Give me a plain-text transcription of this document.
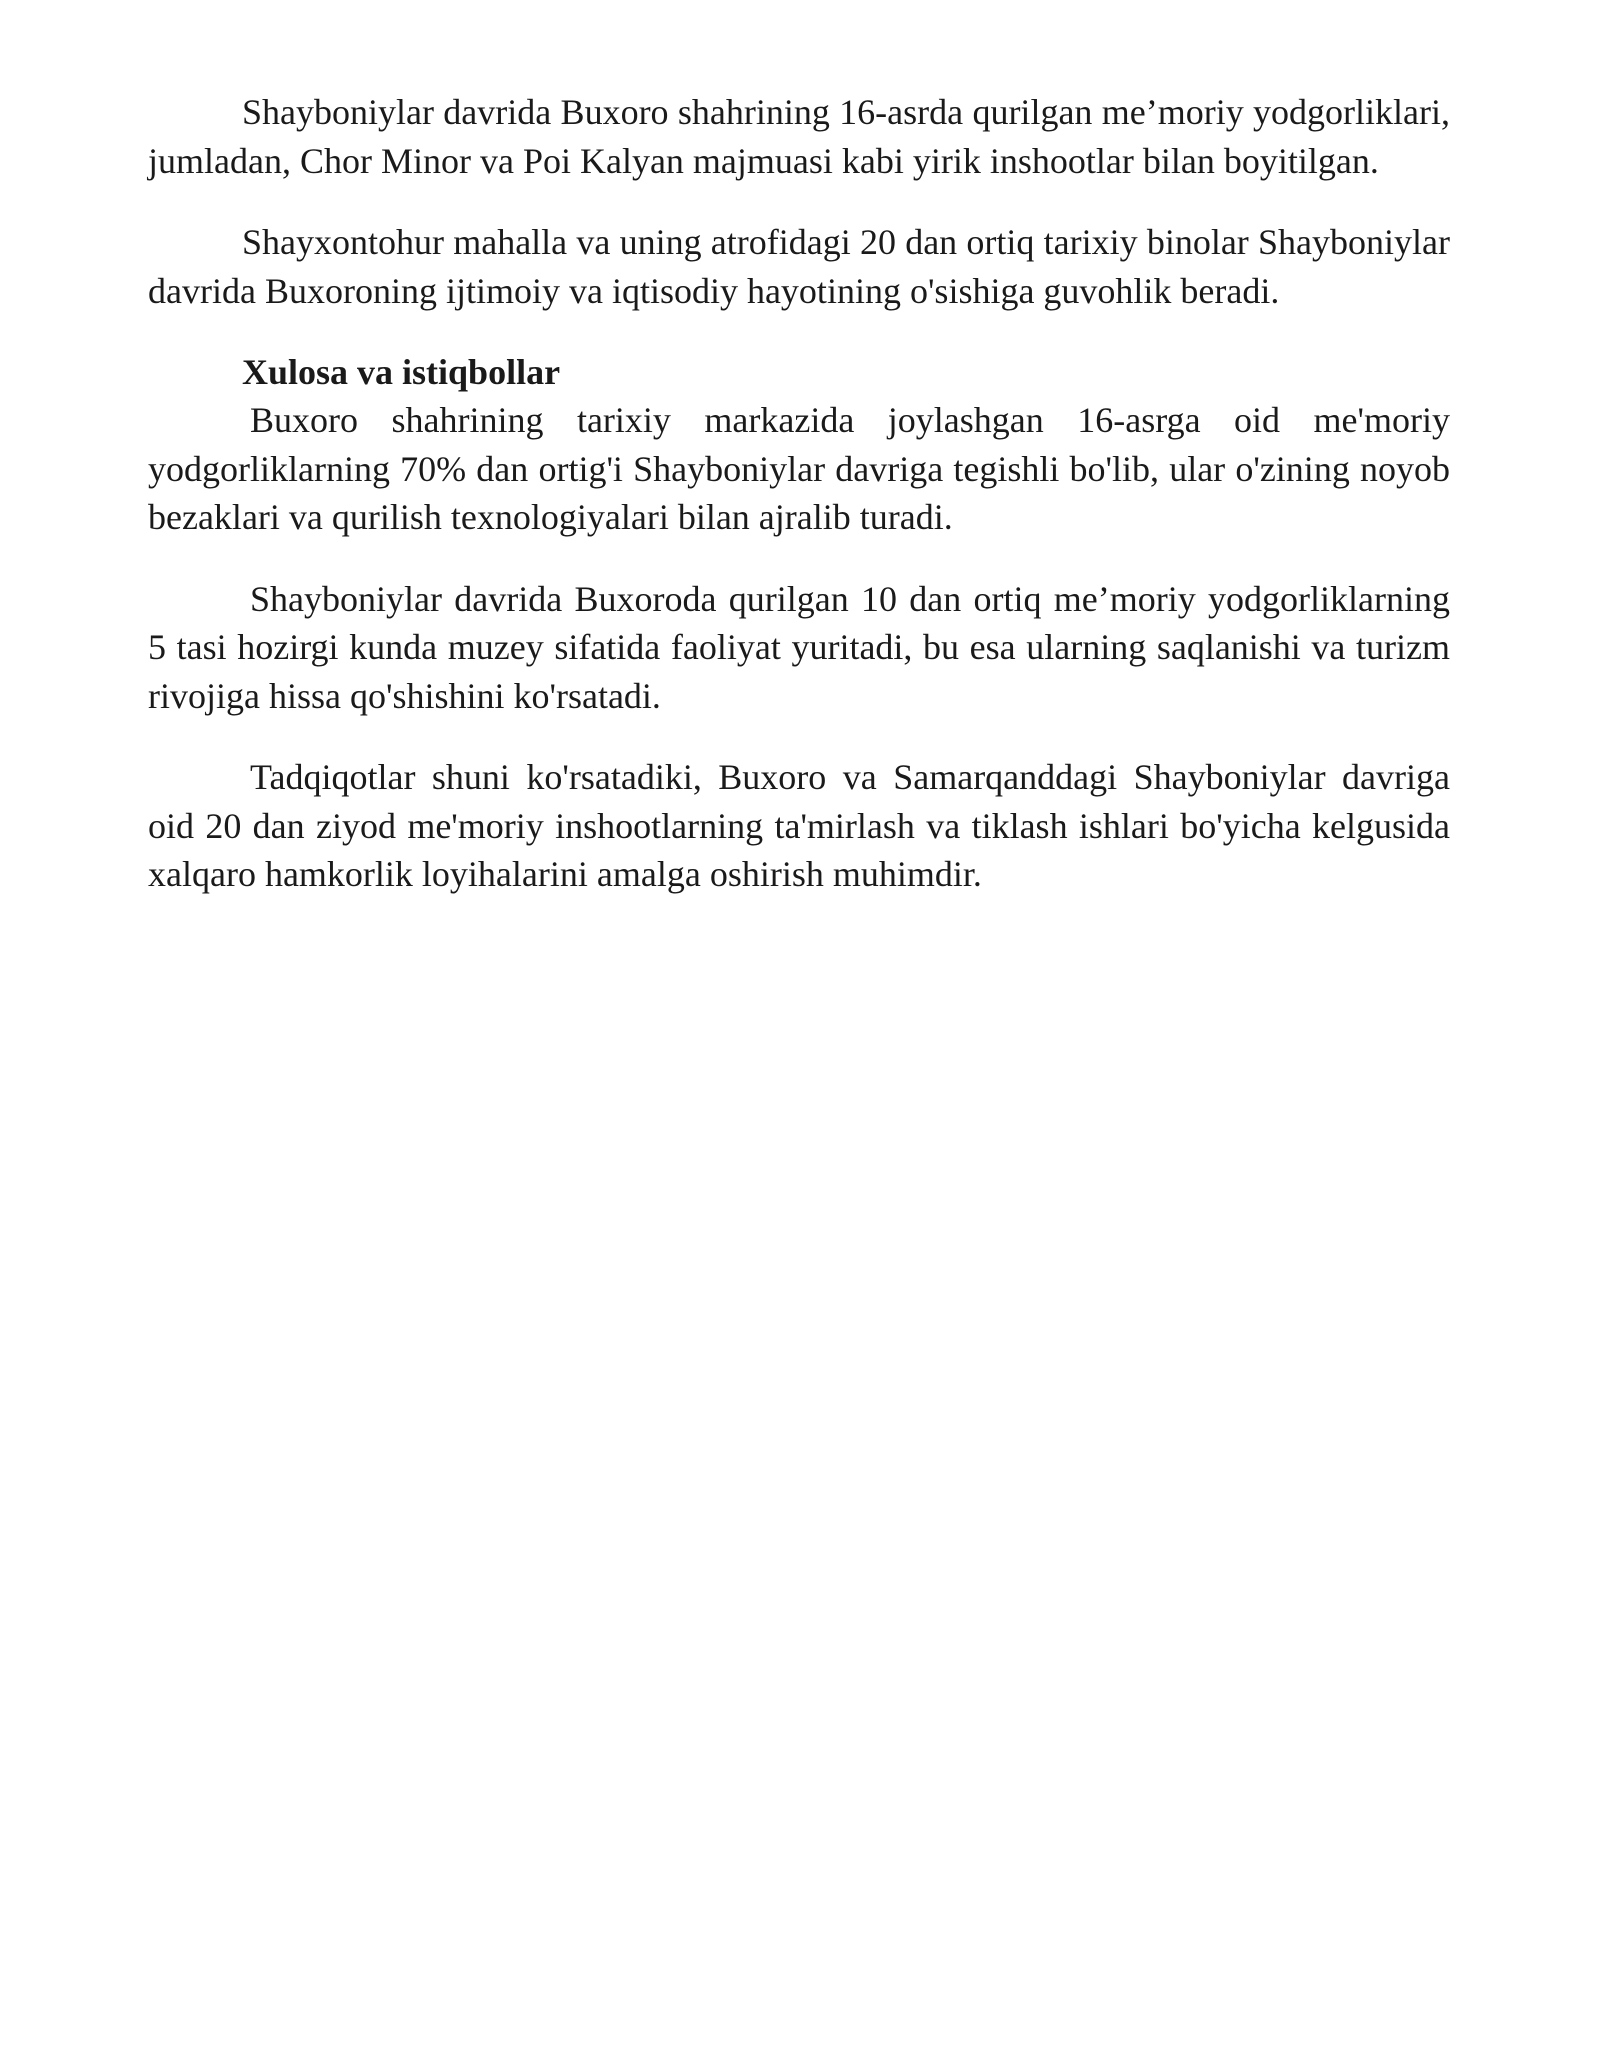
Shayboniylar davrida Buxoro shahrining 16-asrda qurilgan me’moriy yodgorliklari, jumladan, Chor Minor va Poi Kalyan majmuasi kabi yirik inshootlar bilan boyitilgan.

Shayxontohur mahalla va uning atrofidagi 20 dan ortiq tarixiy binolar Shayboniylar davrida Buxoroning ijtimoiy va iqtisodiy hayotining o'sishiga guvohlik beradi.

Xulosa va istiqbollar

Buxoro shahrining tarixiy markazida joylashgan 16-asrga oid me'moriy yodgorliklarning 70% dan ortig'i Shayboniylar davriga tegishli bo'lib, ular o'zining noyob bezaklari va qurilish texnologiyalari bilan ajralib turadi.

Shayboniylar davrida Buxoroda qurilgan 10 dan ortiq me’moriy yodgorliklarning 5 tasi hozirgi kunda muzey sifatida faoliyat yuritadi, bu esa ularning saqlanishi va turizm rivojiga hissa qo'shishini ko'rsatadi.

Tadqiqotlar shuni ko'rsatadiki, Buxoro va Samarqanddagi Shayboniylar davriga oid 20 dan ziyod me'moriy inshootlarning ta'mirlash va tiklash ishlari bo'yicha kelgusida xalqaro hamkorlik loyihalarini amalga oshirish muhimdir.
